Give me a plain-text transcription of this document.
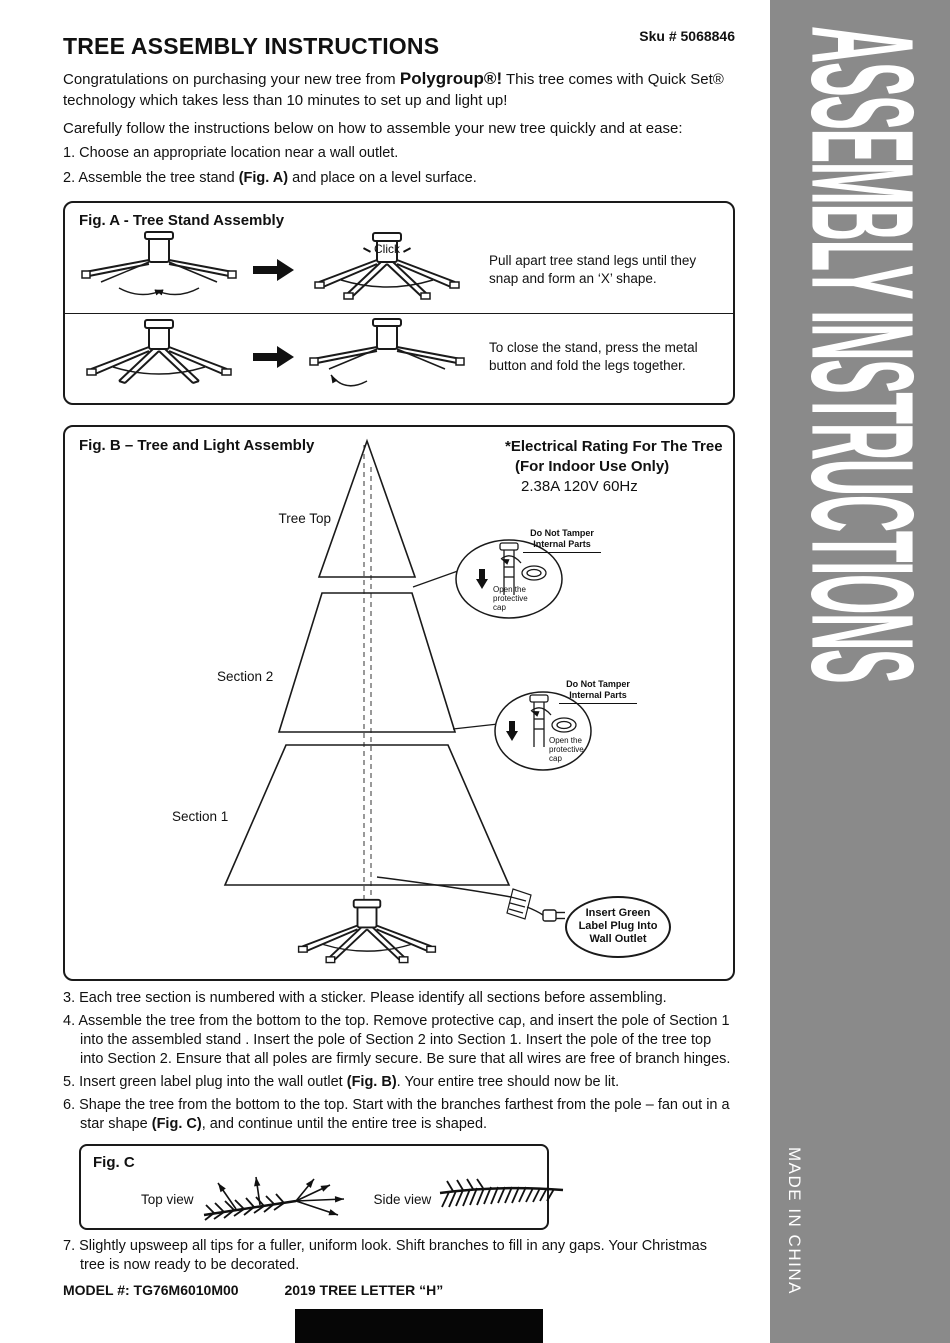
TREE ASSEMBLY INSTRUCTIONS	Sku # 5068846

Congratulations on purchasing your new tree from Polygroup®! This tree comes with Quick Set® technology which takes less than 10 minutes to set up and light up!

Carefully follow the instructions below on how to assemble your new tree quickly and at ease:

1. Choose an appropriate location near a wall outlet.

2. Assemble the tree stand (Fig. A) and place on a level surface.

Fig. A - Tree Stand Assembly
Click
Pull apart tree stand legs until they snap and form an ‘X’ shape.
To close the stand, press the metal button and fold the legs together.
Fig. B – Tree and Light Assembly	*Electrical Rating For The Tree
(For Indoor Use Only)
2.38A 120V 60Hz
Tree Top
Section 2
Section 1
Do Not Tamper
Internal Parts
Do Not Tamper
Internal Parts
Open the protective cap
Open the protective cap
Insert Green Label Plug Into Wall Outlet

3. Each tree section is numbered with a sticker. Please identify all sections before assembling.

4. Assemble the tree from the bottom to the top. Remove protective cap, and insert the pole of Section 1 into the assembled stand . Insert the pole of Section 2 into Section 1. Insert the pole of the tree top into Section 2. Ensure that all poles are firmly secure. Be sure that all wires are free of branch hinges.

5. Insert green label plug into the wall outlet (Fig. B). Your entire tree should now be lit.

6. Shape the tree from the bottom to the top. Start with the branches farthest from the pole – fan out in a star shape (Fig. C), and continue until the entire tree is shaped.

Fig. C
Top view	Side view

7. Slightly upsweep all tips for a fuller, uniform look. Shift branches to fill in any gaps. Your Christmas tree is now ready to be decorated.

MODEL #: TG76M6010M00	2019 TREE LETTER “H”
ASSEMBLY INSTRUCTIONS
MADE IN CHINA
